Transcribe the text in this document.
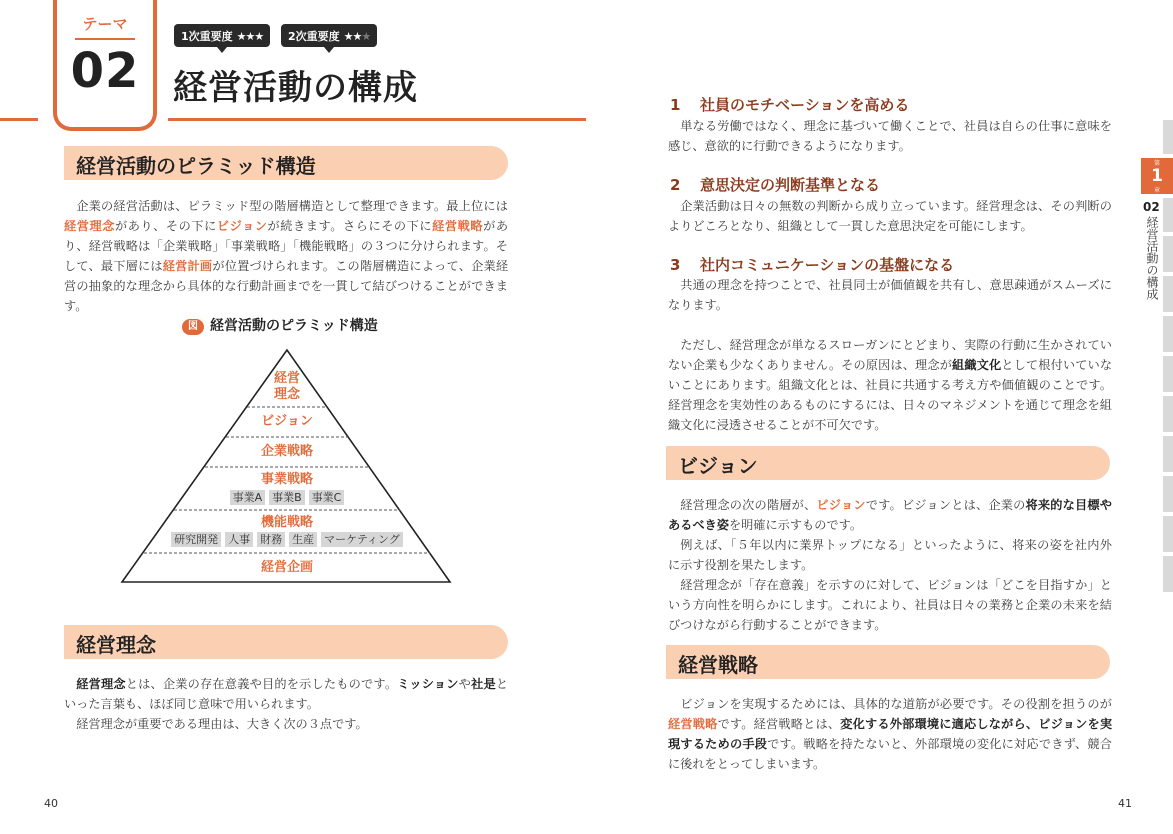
テーマ
02
1次重要度 ★★★	2次重要度 ★★★
経営活動の構成
経営活動のピラミッド構造

企業の経営活動は、ピラミッド型の階層構造として整理できます。最上位には経営理念があり、その下にビジョンが続きます。さらにその下に経営戦略があり、経営戦略は「企業戦略」「事業戦略」「機能戦略」の３つに分けられます。そして、最下層には経営計画が位置づけられます。この階層構造によって、企業経営の抽象的な理念から具体的な行動計画までを一貫して結びつけることができます。

図 経営活動のピラミッド構造
経営
理念
ビジョン
企業戦略
事業戦略
事業A 事業B 事業C
機能戦略
研究開発 人事 財務 生産 マーケティング
経営企画
経営理念

経営理念とは、企業の存在意義や目的を示したものです。ミッションや社是といった言葉も、ほぼ同じ意味で用いられます。

経営理念が重要である理由は、大きく次の３点です。

40
1 社員のモチベーションを高める

単なる労働ではなく、理念に基づいて働くことで、社員は自らの仕事に意味を感じ、意欲的に行動できるようになります。

2 意思決定の判断基準となる

企業活動は日々の無数の判断から成り立っています。経営理念は、その判断のよりどころとなり、組織として一貫した意思決定を可能にします。

3 社内コミュニケーションの基盤になる

共通の理念を持つことで、社員同士が価値観を共有し、意思疎通がスムーズになります。

ただし、経営理念が単なるスローガンにとどまり、実際の行動に生かされていない企業も少なくありません。その原因は、理念が組織文化として根付いていないことにあります。組織文化とは、社員に共通する考え方や価値観のことです。経営理念を実効性のあるものにするには、日々のマネジメントを通じて理念を組織文化に浸透させることが不可欠です。

ビジョン

経営理念の次の階層が、ビジョンです。ビジョンとは、企業の将来的な目標やあるべき姿を明確に示すものです。

例えば、「５年以内に業界トップになる」といったように、将来の姿を社内外に示す役割を果たします。

経営理念が「存在意義」を示すのに対して、ビジョンは「どこを目指すか」という方向性を明らかにします。これにより、社員は日々の業務と企業の未来を結びつけながら行動することができます。

経営戦略

ビジョンを実現するためには、具体的な道筋が必要です。その役割を担うのが経営戦略です。経営戦略とは、変化する外部環境に適応しながら、ビジョンを実現するための手段です。戦略を持たないと、外部環境の変化に対応できず、競合に後れをとってしまいます。

41
第
1
章
02
経営活動の構成
